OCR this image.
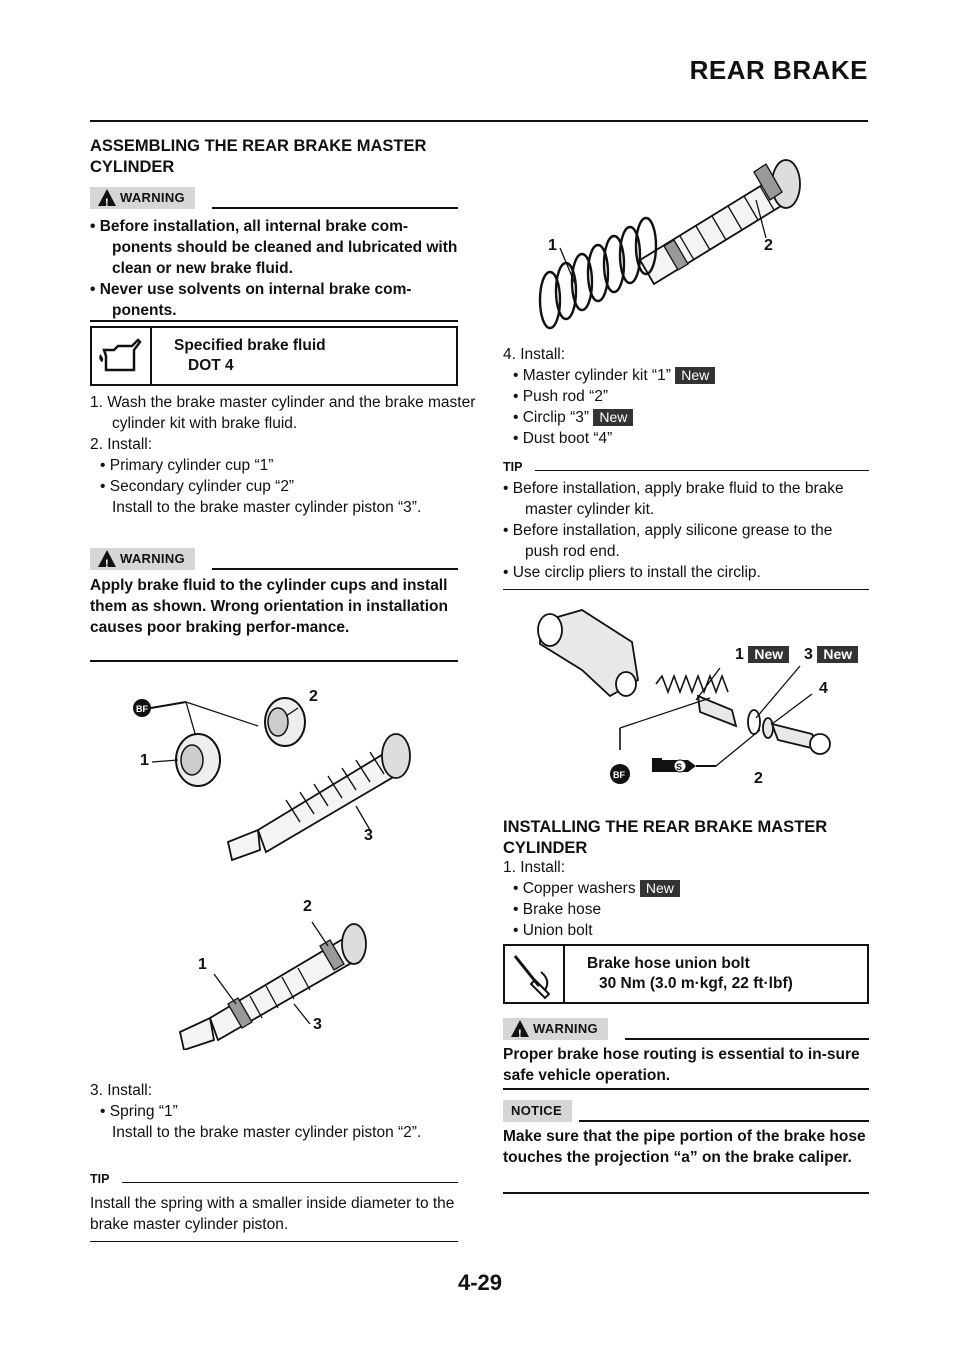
REAR BRAKE
ASSEMBLING THE REAR BRAKE MASTER CYLINDER
!
WARNING
• Before installation, all internal brake com-ponents should be cleaned and lubricated with clean or new brake fluid.
• Never use solvents on internal brake com-ponents.
Specified brake fluid
DOT 4
1. Wash the brake master cylinder and the brake master cylinder kit with brake fluid.
2. Install:
• Primary cylinder cup “1”
• Secondary cylinder cup “2”
Install to the brake master cylinder piston “3”.
!
WARNING
Apply brake fluid to the cylinder cups and install them as shown. Wrong orientation in installation causes poor braking perfor-mance.
BF
2
1
3
2
1
3
3. Install:
• Spring “1”
Install to the brake master cylinder piston “2”.
TIP
Install the spring with a smaller inside diameter to the brake master cylinder piston.
1	2
4. Install:
• Master cylinder kit “1” New
• Push rod “2”
• Circlip “3” New
• Dust boot “4”
TIP
• Before installation, apply brake fluid to the brake master cylinder kit.
• Before installation, apply silicone grease to the push rod end.
• Use circlip pliers to install the circlip.
BF
S
1 New	3 New
4
2
INSTALLING THE REAR BRAKE MASTER CYLINDER
1. Install:
• Copper washers New
• Brake hose
• Union bolt
Brake hose union bolt
30 Nm (3.0 m·kgf, 22 ft·lbf)
!
WARNING
Proper brake hose routing is essential to in-sure safe vehicle operation.
NOTICE
Make sure that the pipe portion of the brake hose touches the projection “a” on the brake caliper.
4-29
